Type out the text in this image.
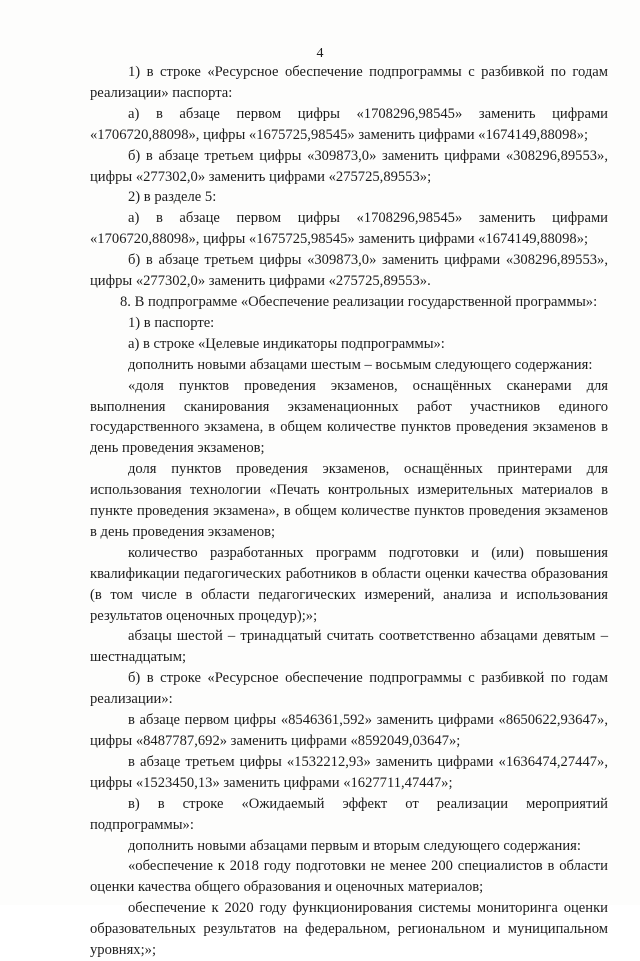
4

1) в строке «Ресурсное обеспечение подпрограммы с разбивкой по годам реализации» паспорта:

а) в абзаце первом цифры «1708296,98545» заменить цифрами «1706720,88098», цифры «1675725,98545» заменить цифрами «1674149,88098»;

б) в абзаце третьем цифры «309873,0» заменить цифрами «308296,89553», цифры «277302,0» заменить цифрами «275725,89553»;

2) в разделе 5:

а) в абзаце первом цифры «1708296,98545» заменить цифрами «1706720,88098», цифры «1675725,98545» заменить цифрами «1674149,88098»;

б) в абзаце третьем цифры «309873,0» заменить цифрами «308296,89553», цифры «277302,0» заменить цифрами «275725,89553».

8. В подпрограмме «Обеспечение реализации государственной программы»:

1) в паспорте:

а) в строке «Целевые индикаторы подпрограммы»:

дополнить новыми абзацами шестым – восьмым следующего содержания:

«доля пунктов проведения экзаменов, оснащённых сканерами для выполнения сканирования экзаменационных работ участников единого государственного экзамена, в общем количестве пунктов проведения экзаменов в день проведения экзаменов;

доля пунктов проведения экзаменов, оснащённых принтерами для использования технологии «Печать контрольных измерительных материалов в пункте проведения экзамена», в общем количестве пунктов проведения экзаменов в день проведения экзаменов;

количество разработанных программ подготовки и (или) повышения квалификации педагогических работников в области оценки качества образования (в том числе в области педагогических измерений, анализа и использования результатов оценочных процедур);»;

абзацы шестой – тринадцатый считать соответственно абзацами девятым – шестнадцатым;

б) в строке «Ресурсное обеспечение подпрограммы с разбивкой по годам реализации»:

в абзаце первом цифры «8546361,592» заменить цифрами «8650622,93647», цифры «8487787,692» заменить цифрами «8592049,03647»;

в абзаце третьем цифры «1532212,93» заменить цифрами «1636474,27447», цифры «1523450,13» заменить цифрами «1627711,47447»;

в) в строке «Ожидаемый эффект от реализации мероприятий подпрограммы»:

дополнить новыми абзацами первым и вторым следующего содержания:

«обеспечение к 2018 году подготовки не менее 200 специалистов в области оценки качества общего образования и оценочных материалов;

обеспечение к 2020 году функционирования системы мониторинга оценки образовательных результатов на федеральном, региональном и муниципальном уровнях;»;
